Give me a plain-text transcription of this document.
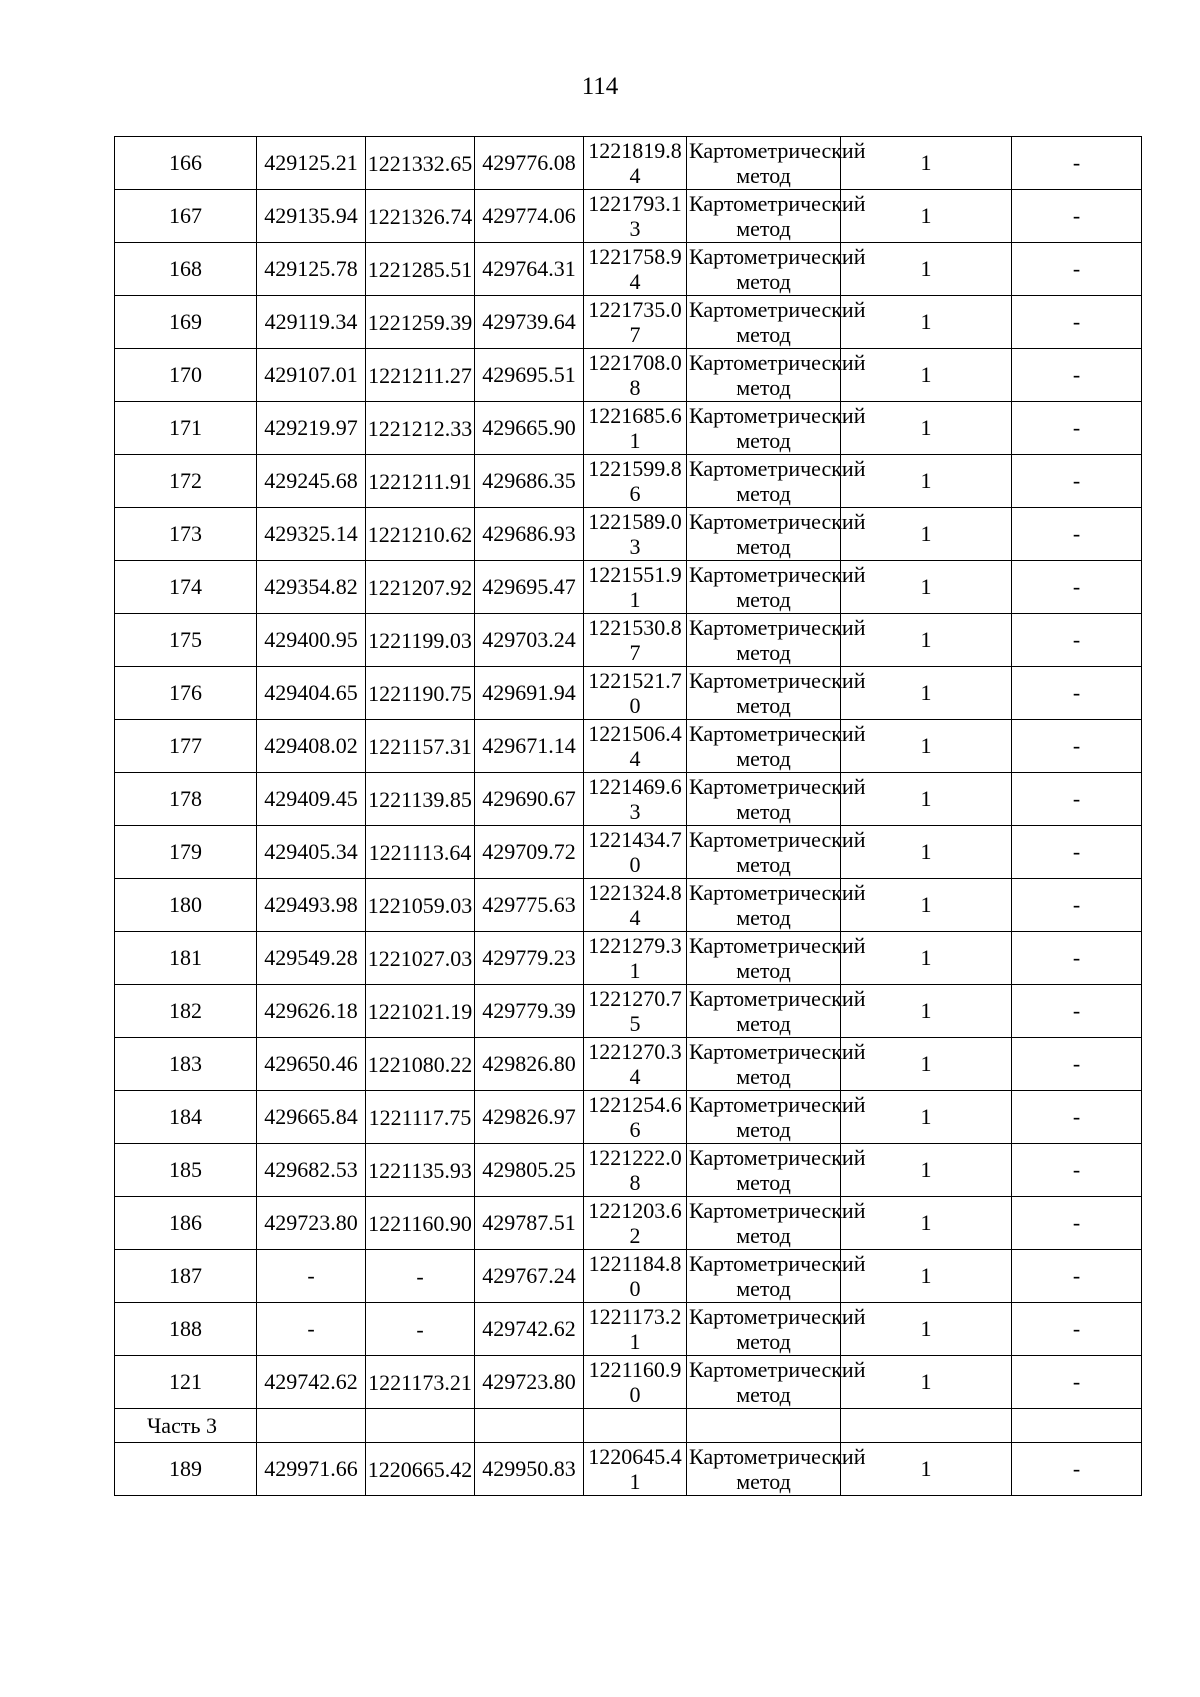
114
166	429125.21	1221332.65	429776.08	1221819.84	Картометрический метод	1	-
167	429135.94	1221326.74	429774.06	1221793.13	Картометрический метод	1	-
168	429125.78	1221285.51	429764.31	1221758.94	Картометрический метод	1	-
169	429119.34	1221259.39	429739.64	1221735.07	Картометрический метод	1	-
170	429107.01	1221211.27	429695.51	1221708.08	Картометрический метод	1	-
171	429219.97	1221212.33	429665.90	1221685.61	Картометрический метод	1	-
172	429245.68	1221211.91	429686.35	1221599.86	Картометрический метод	1	-
173	429325.14	1221210.62	429686.93	1221589.03	Картометрический метод	1	-
174	429354.82	1221207.92	429695.47	1221551.91	Картометрический метод	1	-
175	429400.95	1221199.03	429703.24	1221530.87	Картометрический метод	1	-
176	429404.65	1221190.75	429691.94	1221521.70	Картометрический метод	1	-
177	429408.02	1221157.31	429671.14	1221506.44	Картометрический метод	1	-
178	429409.45	1221139.85	429690.67	1221469.63	Картометрический метод	1	-
179	429405.34	1221113.64	429709.72	1221434.70	Картометрический метод	1	-
180	429493.98	1221059.03	429775.63	1221324.84	Картометрический метод	1	-
181	429549.28	1221027.03	429779.23	1221279.31	Картометрический метод	1	-
182	429626.18	1221021.19	429779.39	1221270.75	Картометрический метод	1	-
183	429650.46	1221080.22	429826.80	1221270.34	Картометрический метод	1	-
184	429665.84	1221117.75	429826.97	1221254.66	Картометрический метод	1	-
185	429682.53	1221135.93	429805.25	1221222.08	Картометрический метод	1	-
186	429723.80	1221160.90	429787.51	1221203.62	Картометрический метод	1	-
187	-	-	429767.24	1221184.80	Картометрический метод	1	-
188	-	-	429742.62	1221173.21	Картометрический метод	1	-
121	429742.62	1221173.21	429723.80	1221160.90	Картометрический метод	1	-
Часть 3							
189	429971.66	1220665.42	429950.83	1220645.41	Картометрический метод	1	-
